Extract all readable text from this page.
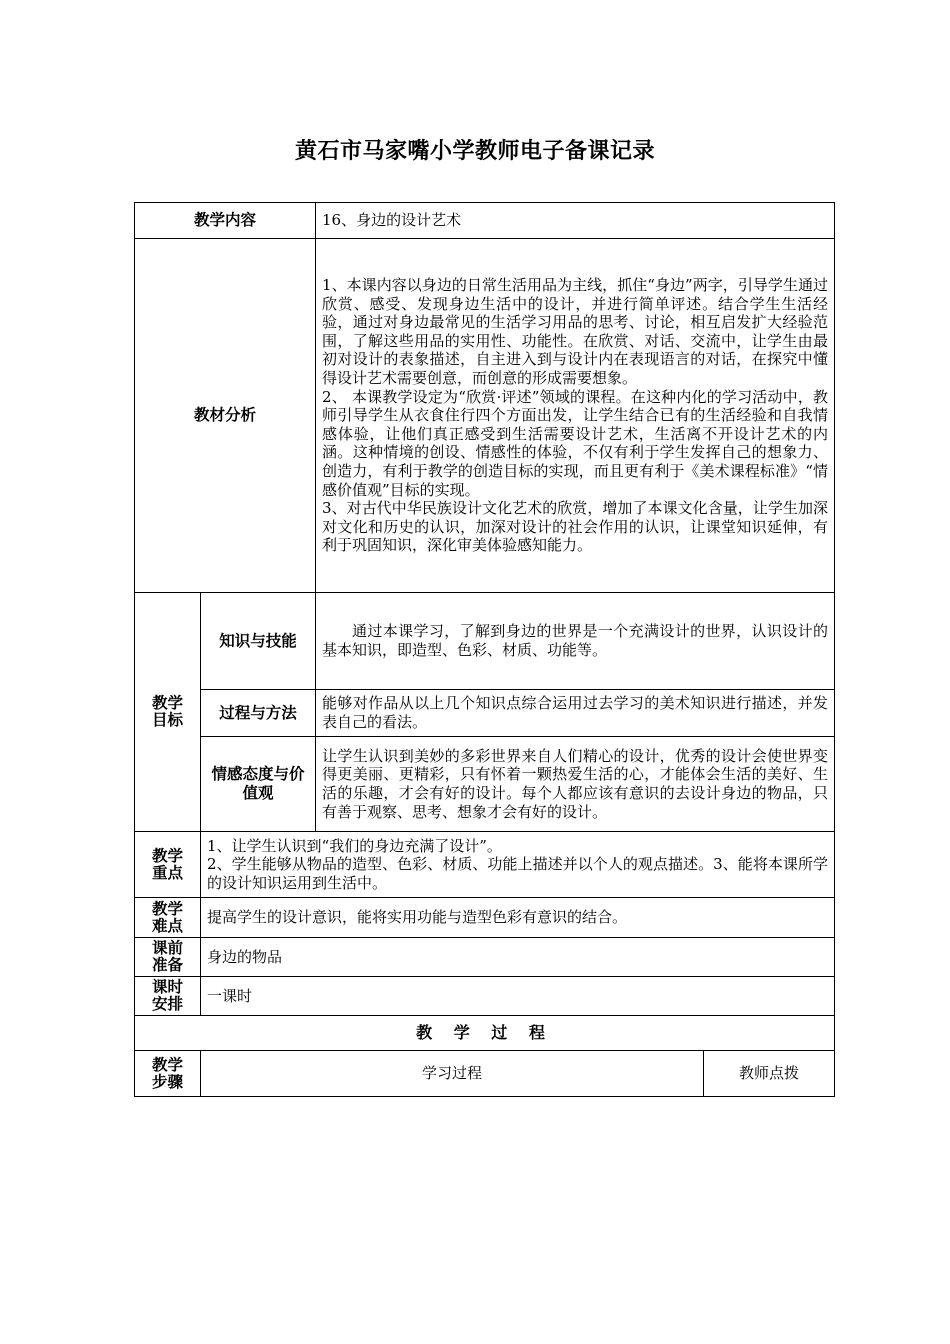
黄石市马家嘴小学教师电子备课记录
教学内容		16、身边的设计艺术	
教材分析		1、本课内容以身边的日常生活用品为主线，抓住“身边”两字，引导学生通过欣赏、感受、发现身边生活中的设计，并进行简单评述。结合学生生活经验，通过对身边最常见的生活学习用品的思考、讨论，相互启发扩大经验范围，了解这些用品的实用性、功能性。在欣赏、对话、交流中，让学生由最初对设计的表象描述，自主进入到与设计内在表现语言的对话，在探究中懂得设计艺术需要创意，而创意的形成需要想象。
2、 本课教学设定为“欣赏·评述”领域的课程。在这种内化的学习活动中，教师引导学生从衣食住行四个方面出发，让学生结合已有的生活经验和自我情感体验，让他们真正感受到生活需要设计艺术，生活离不开设计艺术的内涵。这种情境的创设、情感性的体验，不仅有利于学生发挥自己的想象力、创造力，有利于教学的创造目标的实现，而且更有利于《美术课程标准》“情感价值观”目标的实现。
3、对古代中华民族设计文化艺术的欣赏，增加了本课文化含量，让学生加深对文化和历史的认识，加深对设计的社会作用的认识，让课堂知识延伸，有利于巩固知识，深化审美体验感知能力。	

教学目标	知识与技能	通过本课学习，了解到身边的世界是一个充满设计的世界，认识设计的基本知识，即造型、色彩、材质、功能等。	
	过程与方法	能够对作品从以上几个知识点综合运用过去学习的美术知识进行描述，并发表自己的看法。	

	情感态度与价值观	让学生认识到美妙的多彩世界来自人们精心的设计，优秀的设计会使世界变得更美丽、更精彩，只有怀着一颗热爱生活的心，才能体会生活的美好、生活的乐趣，才会有好的设计。每个人都应该有意识的去设计身边的物品，只有善于观察、思考、想象才会有好的设计。	

教学重点	1、让学生认识到“我们的身边充满了设计”。
2、学生能够从物品的造型、色彩、材质、功能上描述并以个人的观点描述。3、能将本课所学的设计知识运用到生活中。		

教学难点	提高学生的设计意识，能将实用功能与造型色彩有意识的结合。		

课前准备	身边的物品		

课时安排	一课时		
教 学 过 程			

教学步骤	学习过程		教师点拨
